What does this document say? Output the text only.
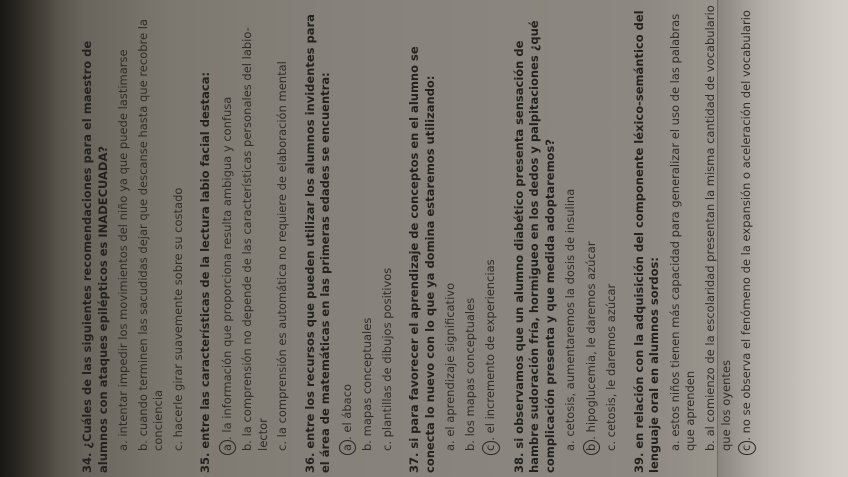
34. ¿Cuáles de las siguientes recomendaciones para el maestro de alumnos con ataques epilépticos es INADECUADA? a. intentar impedir los movimientos del niño ya que puede lastimarse b. cuando terminen las sacudidas dejar que descanse hasta que recobre la conciencia c. hacerle girar suavemente sobre su costado 35. entre las características de la lectura labio facial destaca: a. la información que proporciona resulta ambigua y confusa b. la comprensión no depende de las características personales del labio-lector c. la comprensión es automática no requiere de elaboración mental 36. entre los recursos que pueden utilizar los alumnos invidentes para el área de matemáticas en las primeras edades se encuentra: a. el ábaco b. mapas conceptuales c. plantillas de dibujos positivos 37. si para favorecer el aprendizaje de conceptos en el alumno se conecta lo nuevo con lo que ya domina estaremos utilizando: a. el aprendizaje significativo b. los mapas conceptuales c. el incremento de experiencias 38. si observamos que un alumno diabético presenta sensación de hambre sudoración fría, hormigueo en los dedos y palpitaciones ¿qué complicación presenta y que medida adoptaremos? a. cetosis, aumentaremos la dosis de insulina b. hipoglucemia, le daremos azúcar c. cetosis, le daremos azúcar 39. en relación con la adquisición del componente léxico-semántico del lenguaje oral en alumnos sordos: a. estos niños tienen más capacidad para generalizar el uso de las palabras que aprenden b. al comienzo de la escolaridad presentan la misma cantidad de vocabulario que los oyentes c. no se observa el fenómeno de la expansión o aceleración del vocabulario
